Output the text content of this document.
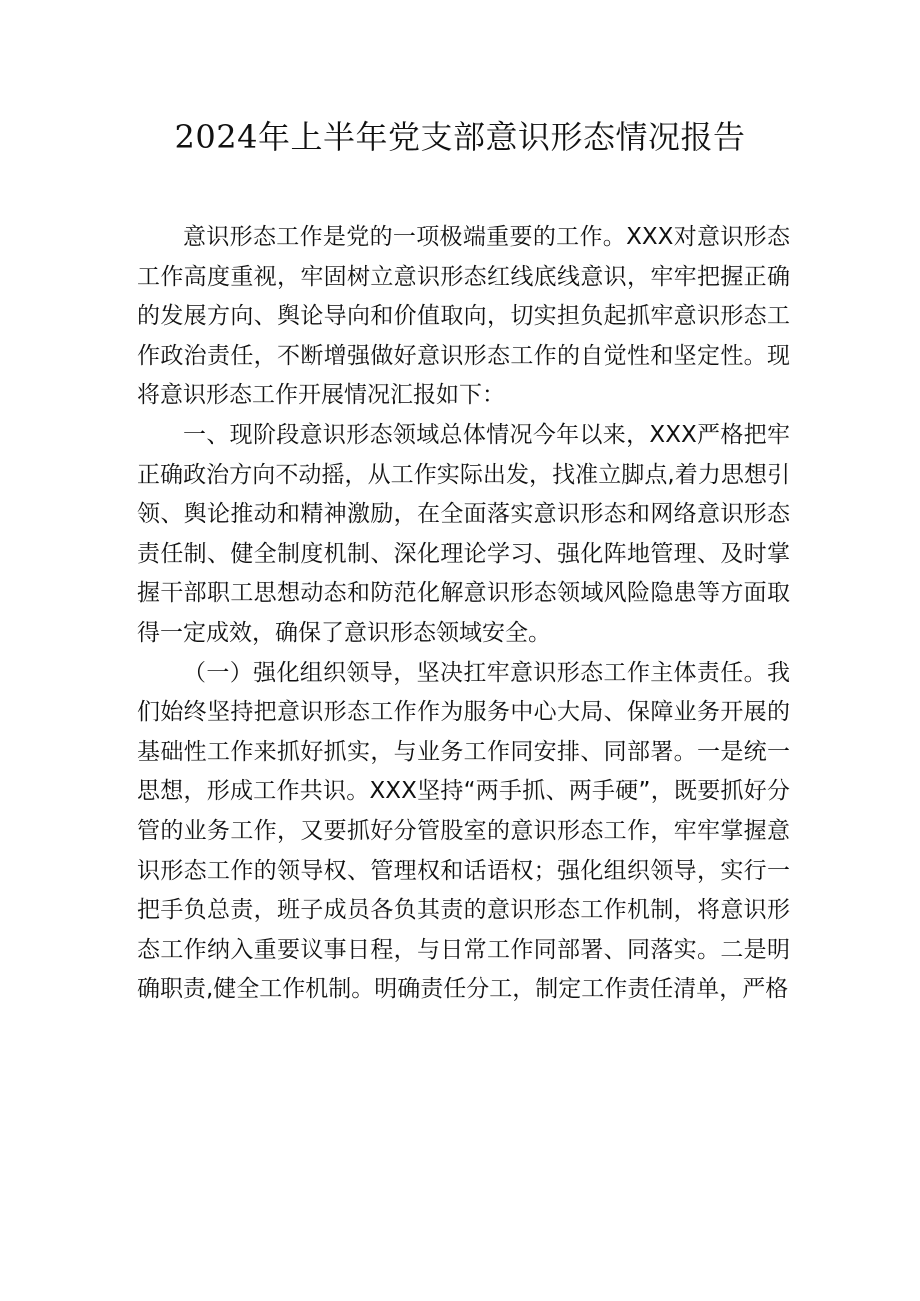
2024年上半年党支部意识形态情况报告

意识形态工作是党的一项极端重要的工作。XXX对意识形态工作高度重视，牢固树立意识形态红线底线意识，牢牢把握正确的发展方向、舆论导向和价值取向，切实担负起抓牢意识形态工作政治责任，不断增强做好意识形态工作的自觉性和坚定性。现将意识形态工作开展情况汇报如下：

一、现阶段意识形态领域总体情况今年以来，XXX严格把牢正确政治方向不动摇，从工作实际出发，找准立脚点,着力思想引领、舆论推动和精神激励，在全面落实意识形态和网络意识形态责任制、健全制度机制、深化理论学习、强化阵地管理、及时掌握干部职工思想动态和防范化解意识形态领域风险隐患等方面取得一定成效，确保了意识形态领域安全。

（一）强化组织领导，坚决扛牢意识形态工作主体责任。我们始终坚持把意识形态工作作为服务中心大局、保障业务开展的基础性工作来抓好抓实，与业务工作同安排、同部署。一是统一思想，形成工作共识。XXX坚持“两手抓、两手硬”，既要抓好分管的业务工作，又要抓好分管股室的意识形态工作，牢牢掌握意识形态工作的领导权、管理权和话语权；强化组织领导，实行一把手负总责，班子成员各负其责的意识形态工作机制，将意识形态工作纳入重要议事日程，与日常工作同部署、同落实。二是明确职责,健全工作机制。明确责任分工，制定工作责任清单，严格
